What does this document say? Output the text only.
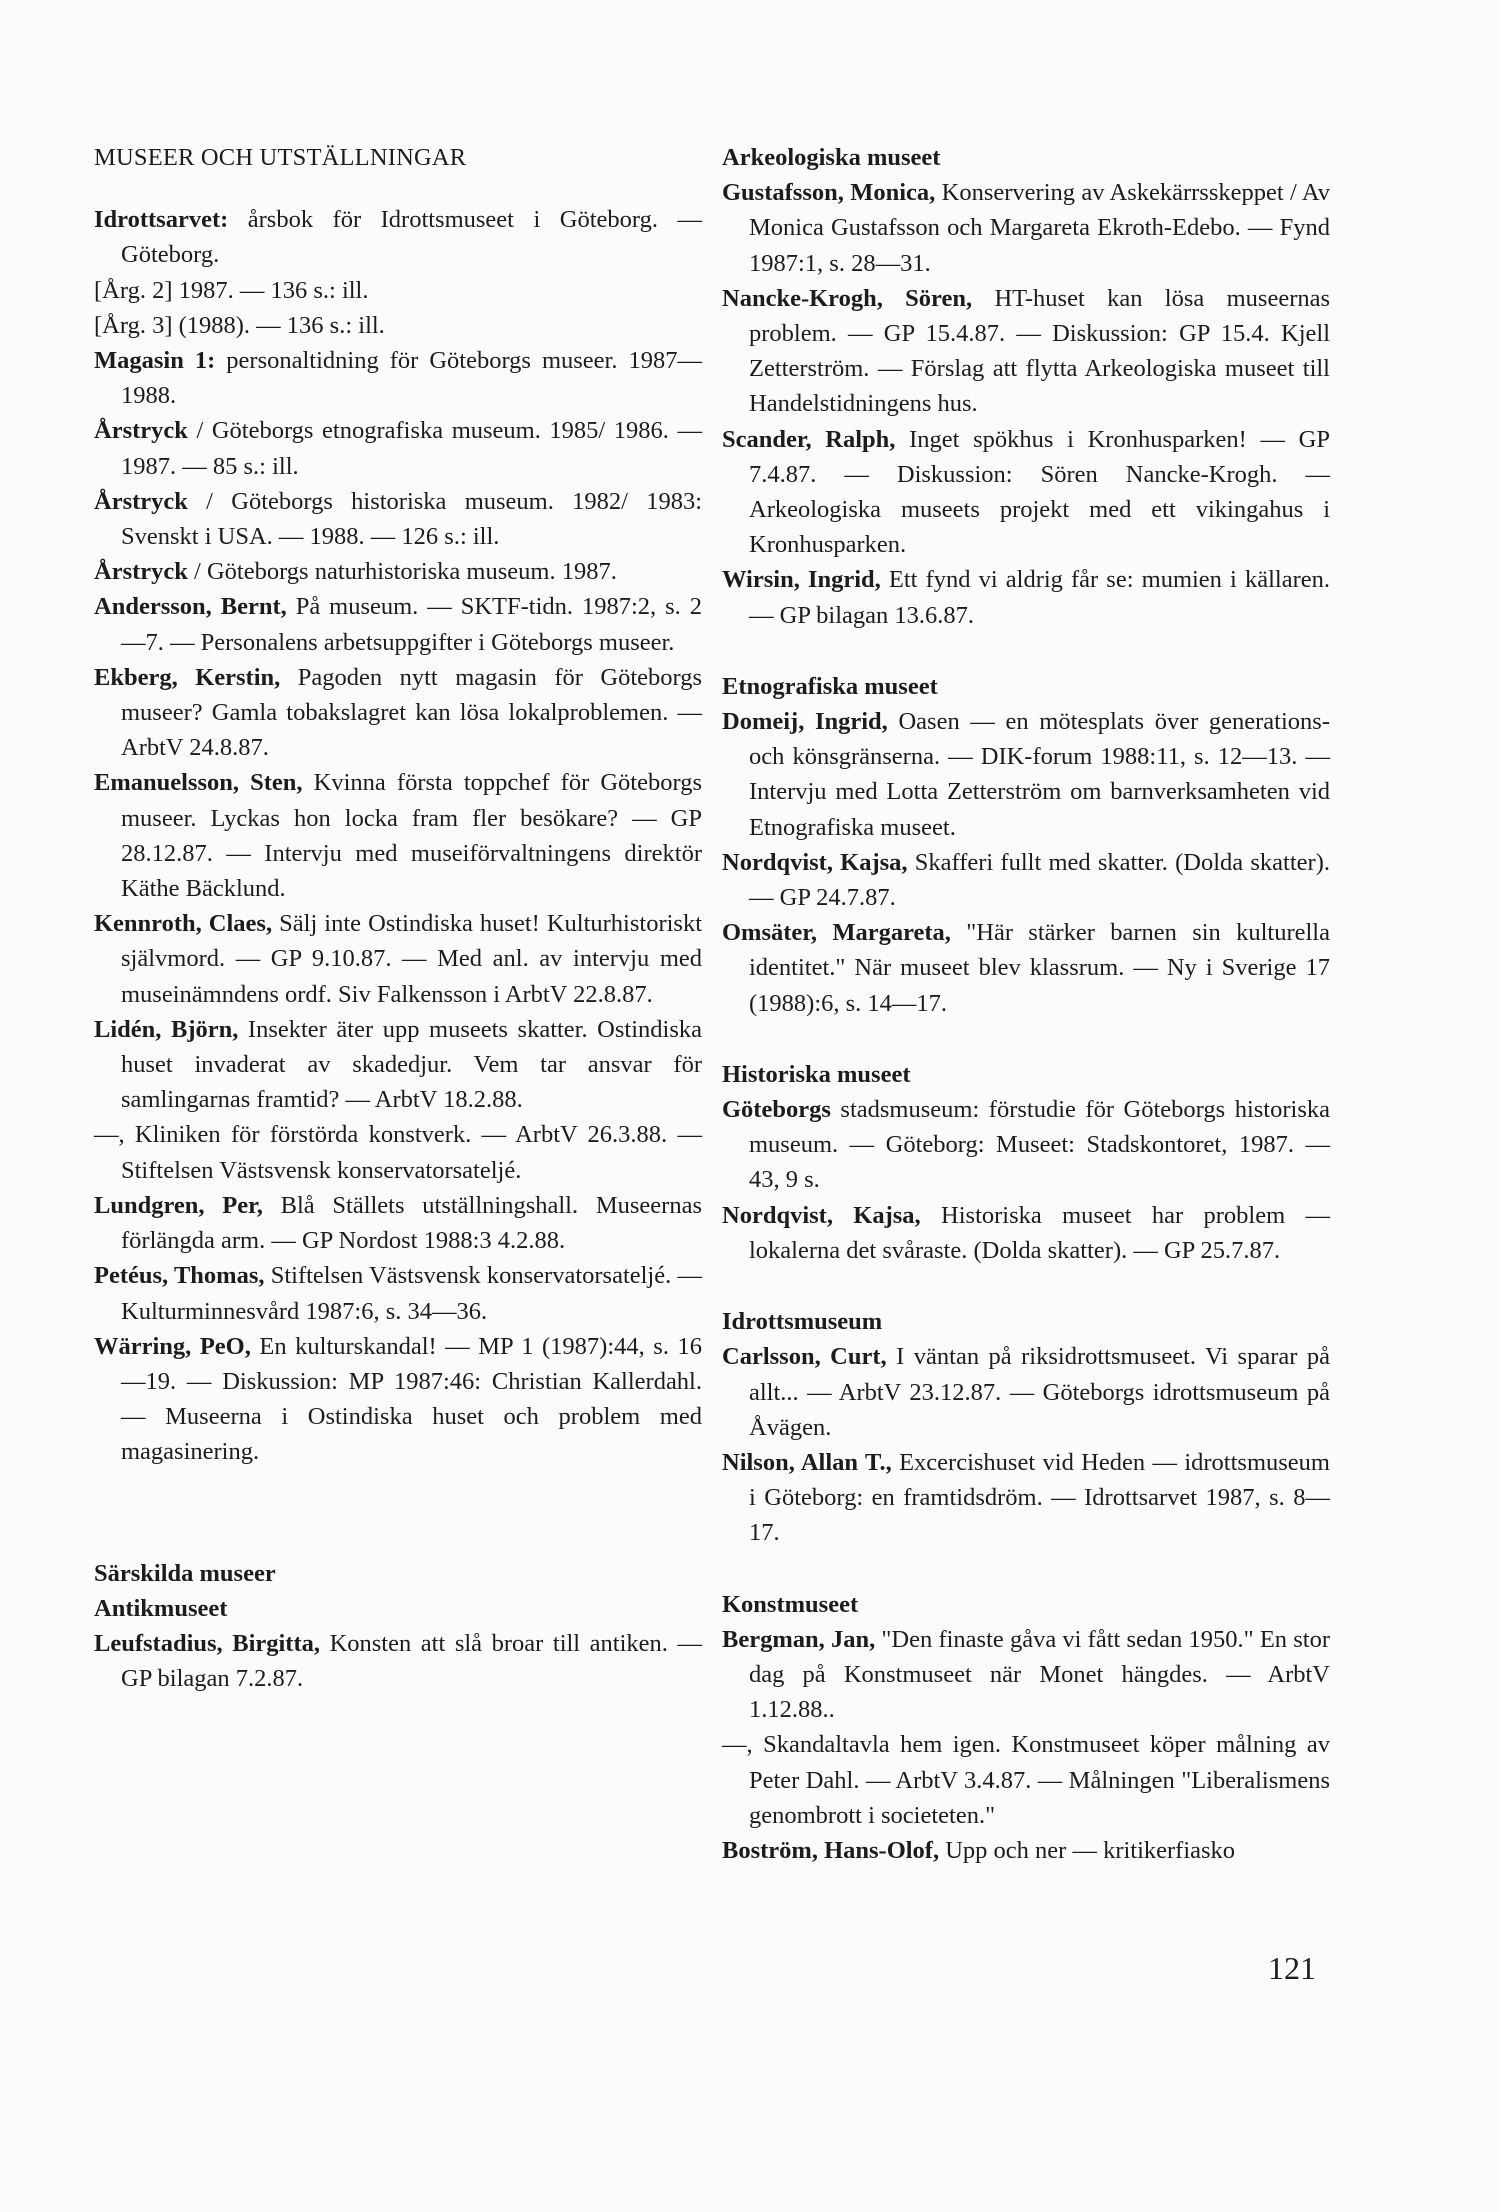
MUSEER OCH UTSTÄLLNINGAR

Idrottsarvet: årsbok för Idrottsmuseet i Göteborg. — Göteborg.

[Årg. 2] 1987. — 136 s.: ill.

[Årg. 3] (1988). — 136 s.: ill.

Magasin 1: personaltidning för Göteborgs museer. 1987—1988.

Årstryck / Göteborgs etnografiska museum. 1985/ 1986. — 1987. — 85 s.: ill.

Årstryck / Göteborgs historiska museum. 1982/ 1983: Svenskt i USA. — 1988. — 126 s.: ill.

Årstryck / Göteborgs naturhistoriska museum. 1987.

Andersson, Bernt, På museum. — SKTF-tidn. 1987:2, s. 2—7. — Personalens arbetsuppgifter i Göteborgs museer.

Ekberg, Kerstin, Pagoden nytt magasin för Göteborgs museer? Gamla tobakslagret kan lösa lokalproblemen. — ArbtV 24.8.87.

Emanuelsson, Sten, Kvinna första toppchef för Göteborgs museer. Lyckas hon locka fram fler besökare? — GP 28.12.87. — Intervju med museiförvaltningens direktör Käthe Bäcklund.

Kennroth, Claes, Sälj inte Ostindiska huset! Kulturhistoriskt självmord. — GP 9.10.87. — Med anl. av intervju med museinämndens ordf. Siv Falkensson i ArbtV 22.8.87.

Lidén, Björn, Insekter äter upp museets skatter. Ostindiska huset invaderat av skadedjur. Vem tar ansvar för samlingarnas framtid? — ArbtV 18.2.88.

—, Kliniken för förstörda konstverk. — ArbtV 26.3.88. — Stiftelsen Västsvensk konservatorsateljé.

Lundgren, Per, Blå Ställets utställningshall. Museernas förlängda arm. — GP Nordost 1988:3 4.2.88.

Petéus, Thomas, Stiftelsen Västsvensk konservatorsateljé. — Kulturminnesvård 1987:6, s. 34—36.

Wärring, PeO, En kulturskandal! — MP 1 (1987):44, s. 16—19. — Diskussion: MP 1987:46: Christian Kallerdahl. — Museerna i Ostindiska huset och problem med magasinering.

Särskilda museer

Antikmuseet

Leufstadius, Birgitta, Konsten att slå broar till antiken. — GP bilagan 7.2.87.

Arkeologiska museet

Gustafsson, Monica, Konservering av Askekärrsskeppet / Av Monica Gustafsson och Margareta Ekroth-Edebo. — Fynd 1987:1, s. 28—31.

Nancke-Krogh, Sören, HT-huset kan lösa museernas problem. — GP 15.4.87. — Diskussion: GP 15.4. Kjell Zetterström. — Förslag att flytta Arkeologiska museet till Handelstidningens hus.

Scander, Ralph, Inget spökhus i Kronhusparken! — GP 7.4.87. — Diskussion: Sören Nancke-Krogh. — Arkeologiska museets projekt med ett vikingahus i Kronhusparken.

Wirsin, Ingrid, Ett fynd vi aldrig får se: mumien i källaren. — GP bilagan 13.6.87.

Etnografiska museet

Domeij, Ingrid, Oasen — en mötesplats över generations- och könsgränserna. — DIK-forum 1988:11, s. 12—13. — Intervju med Lotta Zetterström om barnverksamheten vid Etnografiska museet.

Nordqvist, Kajsa, Skafferi fullt med skatter. (Dolda skatter). — GP 24.7.87.

Omsäter, Margareta, "Här stärker barnen sin kulturella identitet." När museet blev klassrum. — Ny i Sverige 17 (1988):6, s. 14—17.

Historiska museet

Göteborgs stadsmuseum: förstudie för Göteborgs historiska museum. — Göteborg: Museet: Stadskontoret, 1987. — 43, 9 s.

Nordqvist, Kajsa, Historiska museet har problem — lokalerna det svåraste. (Dolda skatter). — GP 25.7.87.

Idrottsmuseum

Carlsson, Curt, I väntan på riksidrottsmuseet. Vi sparar på allt... — ArbtV 23.12.87. — Göteborgs idrottsmuseum på Åvägen.

Nilson, Allan T., Excercishuset vid Heden — idrottsmuseum i Göteborg: en framtidsdröm. — Idrottsarvet 1987, s. 8—17.

Konstmuseet

Bergman, Jan, "Den finaste gåva vi fått sedan 1950." En stor dag på Konstmuseet när Monet hängdes. — ArbtV 1.12.88..

—, Skandaltavla hem igen. Konstmuseet köper målning av Peter Dahl. — ArbtV 3.4.87. — Målningen "Liberalismens genombrott i societeten."

Boström, Hans-Olof, Upp och ner — kritikerfiasko

121
